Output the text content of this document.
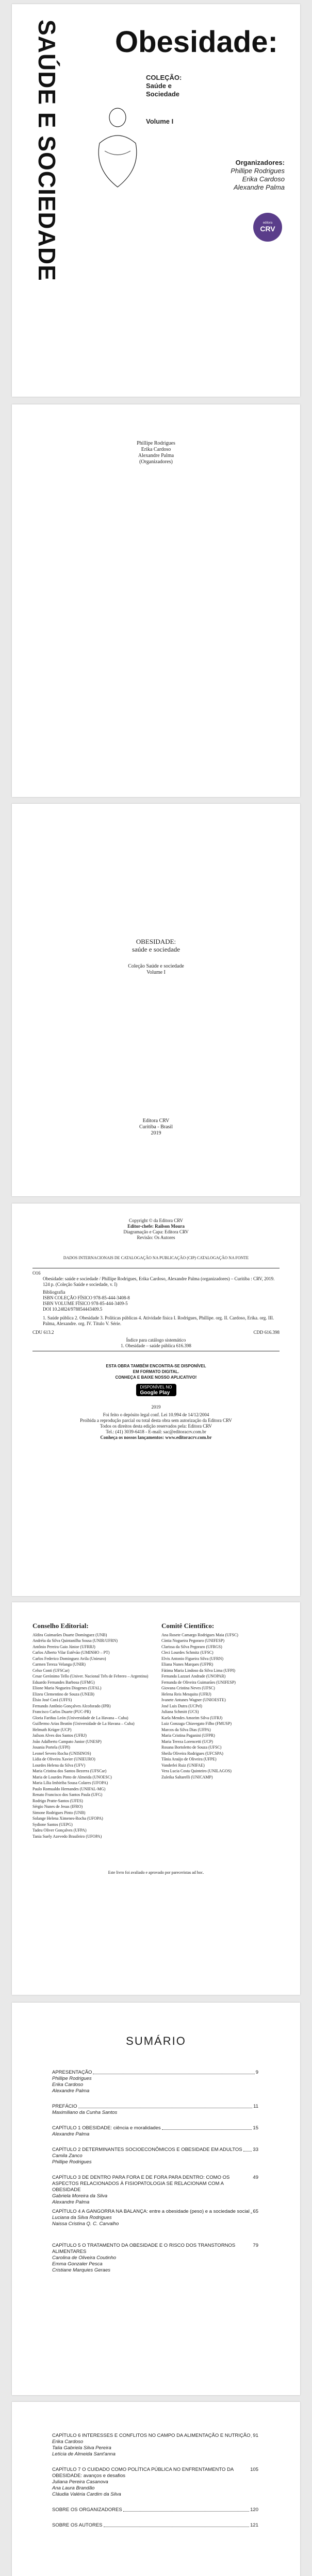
SAÚDE E SOCIEDADE Obesidade:
COLEÇÃO:
Saúde e
Sociedade
Volume I
Organizadores:
Phillipe Rodrigues
Erika Cardoso
Alexandre Palma
editora
CRV
Phillipe Rodrigues
Erika Cardoso
Alexandre Palma
(Organizadores)
OBESIDADE:
saúde e sociedade
Coleção Saúde e sociedade
Volume I
Editora CRV
Curitiba - Brasil
2019
Copyright © da Editora CRV
Editor-chefe: Railson Moura
Diagramação e Capa: Editora CRV
Revisão: Os Autores
DADOS INTERNACIONAIS DE CATALOGAÇÃO NA PUBLICAÇÃO (CIP) CATALOGAÇÃO NA FONTE
O16
Obesidade: saúde e sociedade / Phillipe Rodrigues, Erika Cardoso, Alexandre Palma (organizadores) – Curitiba : CRV, 2019. 124 p. (Coleção Saúde e sociedade, v. I)
Bibliografia
ISBN COLEÇÃO FÍSICO 978-85-444-3408-8
ISBN VOLUME FÍSICO 978-85-444-3409-5
DOI 10.24824/978854443409.5
1. Saúde pública 2. Obesidade 3. Políticas públicas 4. Atividade física I. Rodrigues, Phillipe. org. II. Cardoso, Erika. org. III. Palma, Alexandre. org. IV. Título V. Série.
CDU 613.2	CDD 616.398
Índice para catálogo sistemático
1. Obesidade – saúde pública 616.398
ESTA OBRA TAMBÉM ENCONTRA-SE DISPONÍVEL
EM FORMATO DIGITAL.
CONHEÇA E BAIXE NOSSO APLICATIVO!
DISPONÍVEL NO
Google Play
2019
Foi feito o depósito legal conf. Lei 10.994 de 14/12/2004
Proibida a reprodução parcial ou total desta obra sem autorização da Editora CRV
Todos os direitos desta edição reservados pela: Editora CRV
Tel.: (41) 3039-6418 - E-mail: sac@editoracrv.com.br
Conheça os nossos lançamentos: www.editoracrv.com.br
Conselho Editorial:
Aldira Guimarães Duarte Domínguez (UNB)
Andréia da Silva Quintanilha Sousa (UNIR/UFRN)
Antônio Pereira Gaio Júnior (UFRRJ)
Carlos Alberto Vilar Estêvão (UMINHO – PT)
Carlos Federico Dominguez Avila (Unieuro)
Carmen Tereza Velanga (UNIR)
Celso Conti (UFSCar)
Cesar Gerónimo Tello (Univer. Nacional Três de Febrero – Argentina)
Eduardo Fernandes Barbosa (UFMG)
Elione Maria Nogueira Diogenes (UFAL)
Elizeu Clementino de Souza (UNEB)
Élsio José Corá (UFFS)
Fernando Antônio Gonçalves Alcoforado (IPB)
Francisco Carlos Duarte (PUC-PR)
Gloria Fariñas León (Universidade de La Havana – Cuba)
Guillermo Arias Beatón (Universidade de La Havana – Cuba)
Helmuth Krüger (UCP)
Jailson Alves dos Santos (UFRJ)
João Adalberto Campato Junior (UNESP)
Josania Portela (UFPI)
Leonel Severo Rocha (UNISINOS)
Lídia de Oliveira Xavier (UNIEURO)
Lourdes Helena da Silva (UFV)
Maria Cristina dos Santos Bezerra (UFSCar)
Maria de Lourdes Pinto de Almeida (UNOESC)
Maria Lília Imbiriba Sousa Colares (UFOPA)
Paulo Romualdo Hernandes (UNIFAL-MG)
Renato Francisco dos Santos Paula (UFG)
Rodrigo Pratte-Santos (UFES)
Sérgio Nunes de Jesus (IFRO)
Simone Rodrigues Pinto (UNB)
Solange Helena Ximenes-Rocha (UFOPA)
Sydione Santos (UEPG)
Tadeu Oliver Gonçalves (UFPA)
Tania Suely Azevedo Brasileiro (UFOPA)
Comitê Científico:
Ana Rosete Camargo Rodrigues Maia (UFSC)
Cíntia Nogueira Pegoraro (UNIFESP)
Clarissa da Silva Pegoraro (UFRGS)
Cleci Lourdes Schmitz (UFSC)
Elvis Antonio Figueira Silva (UFRN)
Eliana Nunes Marques (UFPR)
Fátima Maria Lindoso da Silva Lima (UFPI)
Fernanda Lazzari Andrade (UNOPAR)
Fernanda de Oliveira Guimarães (UNIFESP)
Giovana Cristina Neves (UFSC)
Helena Reis Mesquita (UFRJ)
Ivanete Antunes Wagner (UNIOESTE)
José Luis Dutra (UCPel)
Juliana Schmitt (UCS)
Karla Mendes Amorim Silva (UFRJ)
Luiz Gonzaga Chiavegato Filho (FMUSP)
Marcos da Silva Dias (UFPA)
Maria Cristina Paganini (UFPR)
Maria Tereza Lorencetti (UCP)
Rosana Bortoletto de Souza (UFSC)
Sheila Oliveira Rodrigues (UFCSPA)
Tânia Araújo de Oliveira (UFPE)
Vanderlei Ruiz (UNIFAE)
Vera Lucia Costa Quinteiro (UNILAGOS)
Zuleika Saltarelli (UNICAMP)
Este livro foi avaliado e aprovado por pareceristas ad hoc.
SUMÁRIO
APRESENTAÇÃO	9
Phillipe Rodrigues
Erika Cardoso
Alexandre Palma
PREFÁCIO	11
Maximiliano da Cunha Santos
CAPÍTULO 1 OBESIDADE: ciência e moralidades	15
Alexandre Palma
CAPÍTULO 2 DETERMINANTES SOCIOECONÔMICOS E OBESIDADE EM ADULTOS 33
Camila Zanco
Phillipe Rodrigues
CAPÍTULO 3 DE DENTRO PARA FORA E DE FORA PARA DENTRO: COMO OS ASPECTOS RELACIONADOS À FISIOPATOLOGIA SE RELACIONAM COM A OBESIDADE
49
Gabriela Moreira da Silva
Alexandre Palma
CAPÍTULO 4 A GANGORRA NA BALANÇA: entre a obesidade (peso) e a sociedade social 65
Luciana da Silva Rodrigues
Naissa Cristina Q. C. Carvalho
CAPÍTULO 5 O TRATAMENTO DA OBESIDADE E O RISCO DOS TRANSTORNOS ALIMENTARES
79
Carolina de Oliveira Coutinho
Emma Gonzaler Pesca
Cristiane Marquies Geraes
CAPÍTULO 6 INTERESSES E CONFLITOS NO CAMPO DA ALIMENTAÇÃO E NUTRIÇÃO 91
Erika Cardoso
Talia Gabriela Silva Pereira
Letícia de Almeida Sant'anna
CAPÍTULO 7 O CUIDADO COMO POLÍTICA PÚBLICA NO ENFRENTAMENTO DA OBESIDADE: avanços e desafios
105
Juliana Pereira Casanova
Ana Laura Brandão
Cláudia Valéria Cardim da Silva
SOBRE OS ORGANIZADORES	120
SOBRE OS AUTORES	121
